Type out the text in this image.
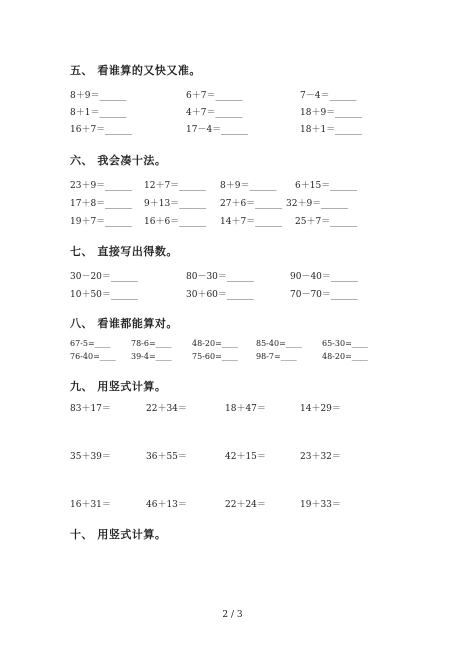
五、 看谁算的又快又准。
8＋9＝______	6＋7＝______	7－4＝______
8＋1＝______	4＋7＝______	18＋9＝______
16＋7＝______	17－4＝______	18＋1＝______
六、 我会凑十法。
23＋9＝______ 12＋7＝______ 8＋9＝______ 6＋15＝______
17＋8＝______ 9＋13＝______ 27＋6＝______ 32＋9＝______
19＋7＝______ 16＋6＝______ 14＋7＝______ 25＋7＝______
七、 直接写出得数。
30－20＝______	80－30＝______	90－40＝______
10＋50＝______	30＋60＝______	70－70＝______
八、 看谁都能算对。
67-5=____	78-6=____	48-20=____ 85-40=____	65-30=____
76-40=____ 39-4=____	75-60=____ 98-7=____	48-20=____
九、 用竖式计算。
83＋17＝	22＋34＝	18＋47＝	14＋29＝
35＋39＝	36＋55＝	42＋15＝	23＋32＝
16＋31＝	46＋13＝	22＋24＝	19＋33＝
十、 用竖式计算。
2 / 3
